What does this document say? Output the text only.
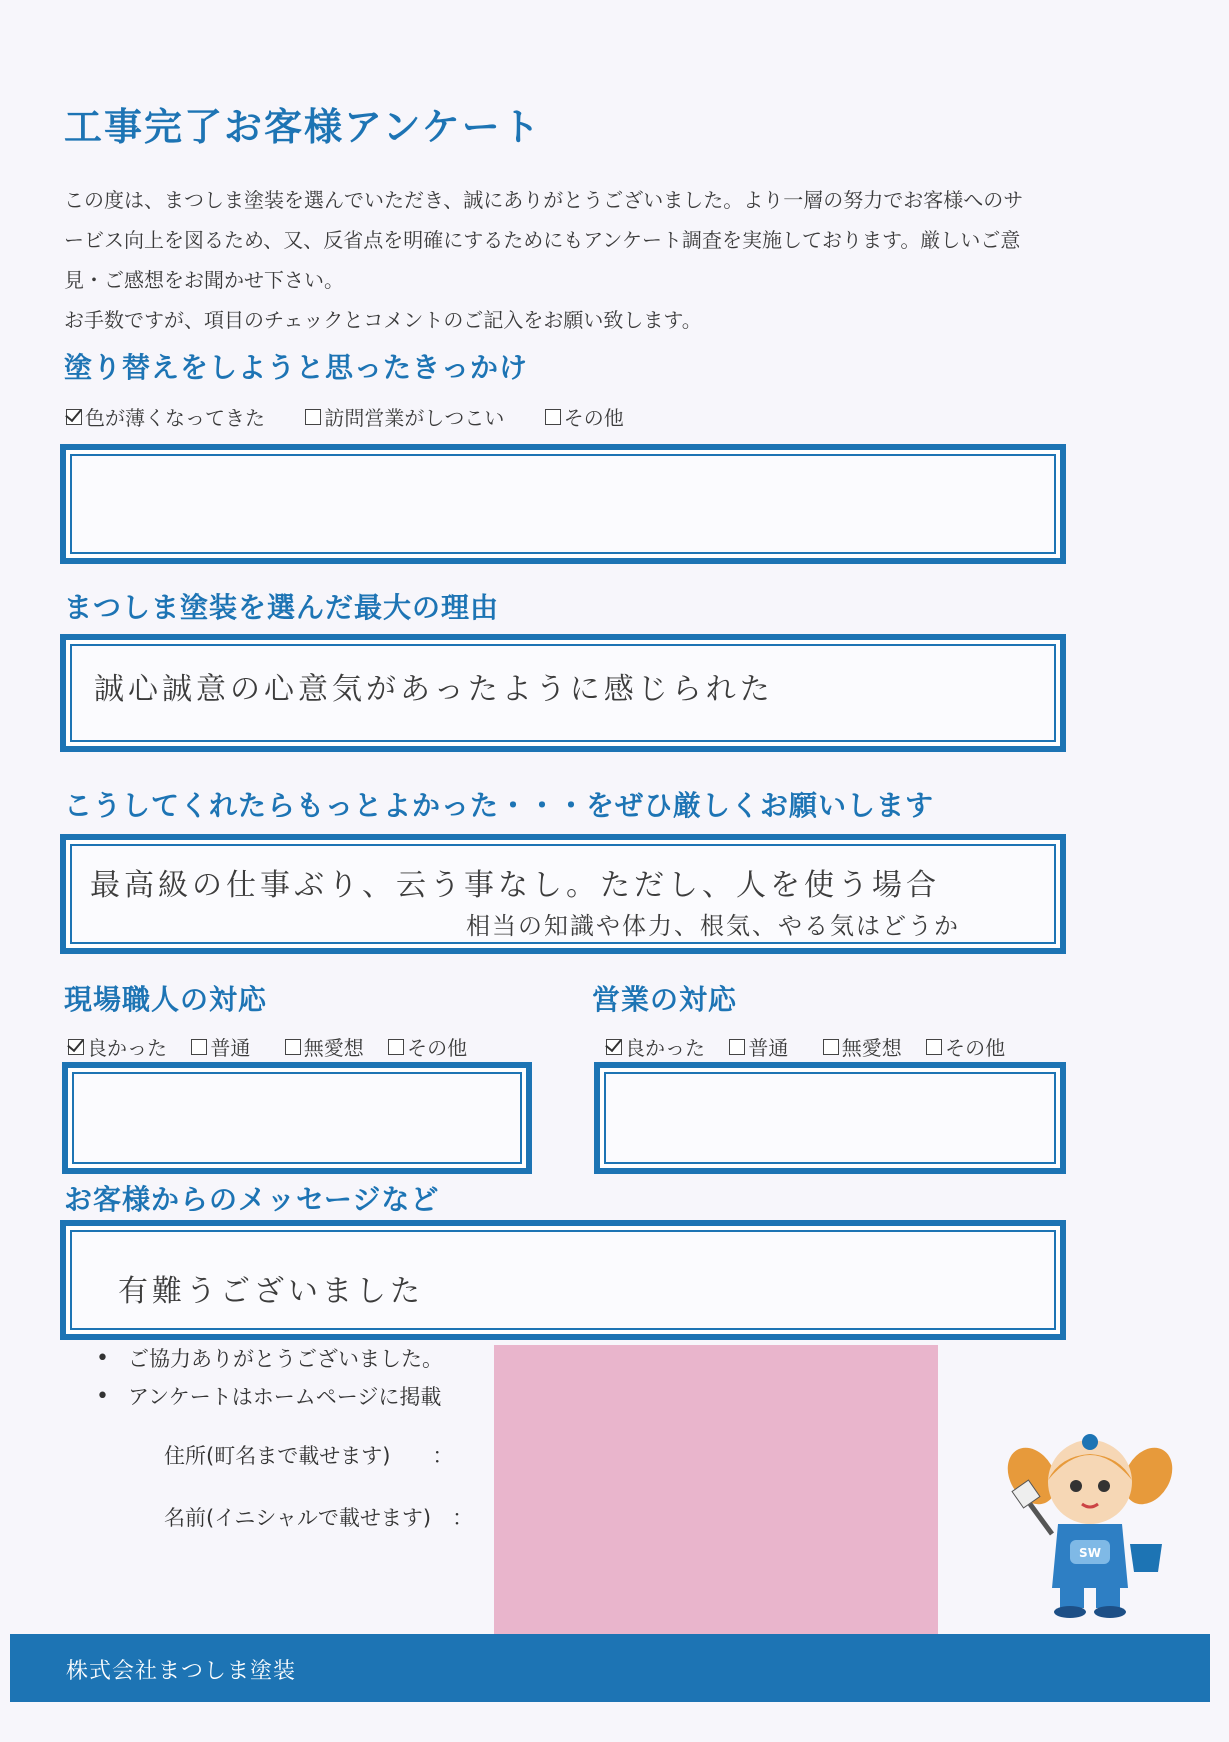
工事完了お客様アンケート

この度は、まつしま塗装を選んでいただき、誠にありがとうございました。より一層の努力でお客様へのサ

ービス向上を図るため、又、反省点を明確にするためにもアンケート調査を実施しております。厳しいご意

見・ご感想をお聞かせ下さい。

お手数ですが、項目のチェックとコメントのご記入をお願い致します。

塗り替えをしようと思ったきっかけ
色が薄くなってきた
	訪問営業がしつこい
	その他
まつしま塗装を選んだ最大の理由
誠心誠意の心意気があったように感じられた
こうしてくれたらもっとよかった・・・をぜひ厳しくお願いします
最高級の仕事ぶり、云う事なし。ただし、人を使う場合
相当の知識や体力、根気、やる気はどうか
現場職人の対応
良かった
普通
	無愛想
その他
営業の対応
良かった
普通
	無愛想
その他
お客様からのメッセージなど
有難うございました
• ご協力ありがとうございました。
• アンケートはホームページに掲載
住所(町名まで載せます)　　：
名前(イニシャルで載せます)　：
SW
株式会社まつしま塗装
